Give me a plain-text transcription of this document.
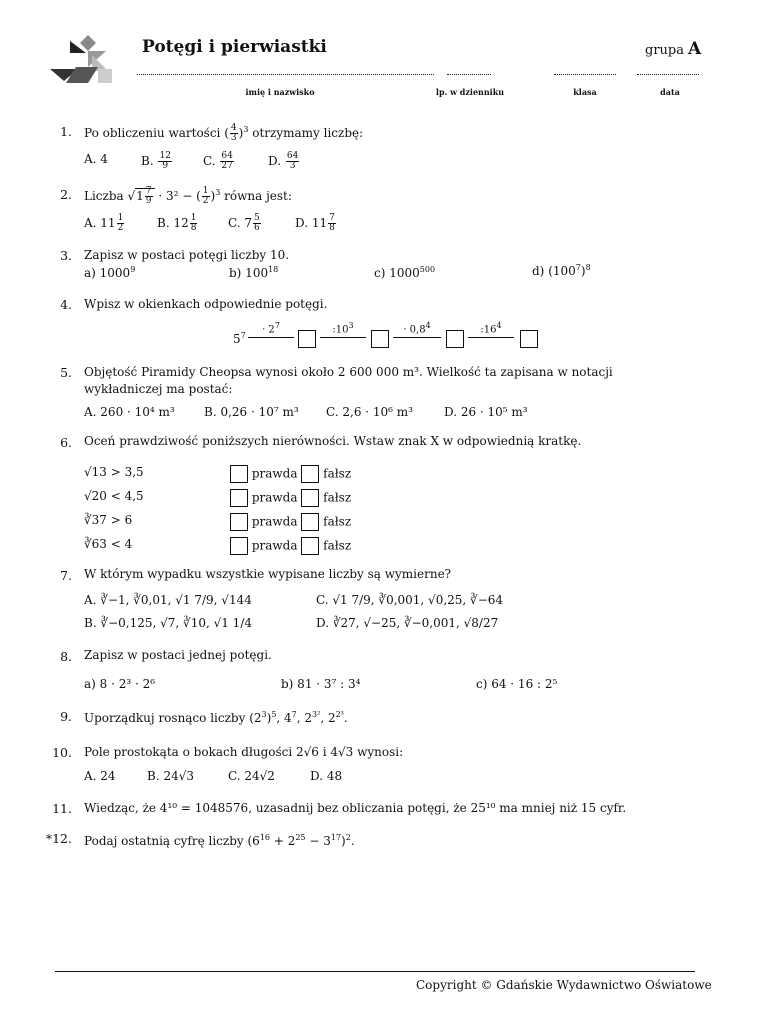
Potęgi i pierwiastki	grupa A
imię i nazwisko	lp. w dzienniku	klasa	data
1. Po obliczeniu wartości ( $\frac{4}{3} )^3$ otrzymamy liczbę:
A. 4	B. $\frac{12}{9}$	C. $\frac{64}{27}$	D. $\frac{64}{3}$
2. Liczba $√1 \frac{7}{9} \cdot 3^2$ − ( $\frac{1}{2} )^3$ równa jest:
A. $11 \frac{1}{2}$	B. $12 \frac{1}{8}$	C. $7 \frac{5}{6}$	D. $11 \frac{7}{8}$
3. Zapisz w postaci potęgi liczby 10.
a) 1000$^9$	b) $100^{18}$	c) 1000$^{500}$	d) $(100^7)^8$
4. Wpisz w okienkach odpowiednie potęgi.
$5^7$
· $2^7$	$:10^3$	· $0,8^4$	$:16^4$
5. Objętość Piramidy Cheopsa wynosi około 2 600 000 m³. Wielkość ta zapisana w notacji wykładniczej ma postać:
A. 260 · 10⁴ m³ B. 0,26 · 10⁷ m³ C. 2,6 · 10⁶ m³	D. 26 · 10⁵ m³
6. Oceń prawdziwość poniższych nierówności. Wstaw znak X w odpowiednią kratkę.
√13 > 3,5	prawda fałsz
√20 < 4,5	prawda fałsz
∛37 > 6	prawda fałsz
∛63 < 4	prawda fałsz
7. W którym wypadku wszystkie wypisane liczby są wymierne?
A. ∛−1, ∛0,01, √1 7/9, √144	C. √1 7/9, ∛0,001, √0,25, ∛−64
B. ∛−0,125, √7, ∛10, √1 1/4	D. ∛27, √−25, ∛−0,001, √8/27
8. Zapisz w postaci jednej potęgi.
a) 8 · 2³ · 2⁶	b) 81 · 3⁷ : 3⁴	c) 64 · 16 : 2⁵
9. Uporządkuj rosnąco liczby $(2^3)^5$, $4^7$, $2^{3^2}$, $2^{2^3}$.
10. Pole prostokąta o bokach długości 2√6 i 4√3 wynosi:
A. 24	B. 24√3	C. 24√2	D. 48
11. Wiedząc, że 4¹⁰ = 1048576, uzasadnij bez obliczania potęgi, że 25¹⁰ ma mniej niż 15 cyfr.
*12. Podaj ostatnią cyfrę liczby $(6^{16} + 2^{25} - 3^{17})^2$.
Copyright © Gdańskie Wydawnictwo Oświatowe
